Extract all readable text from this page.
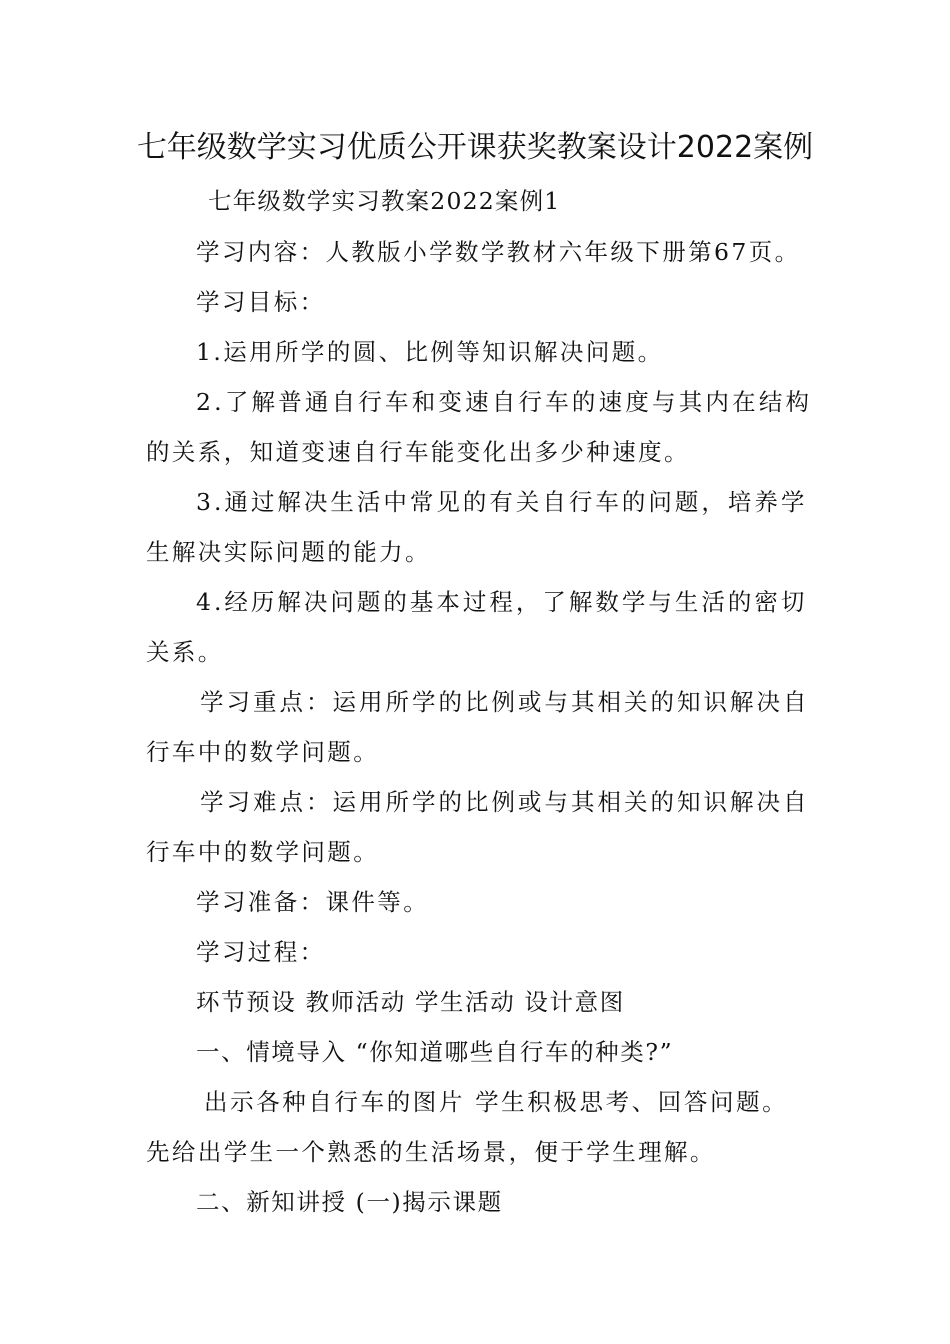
七年级数学实习优质公开课获奖教案设计2022案例
七年级数学实习教案2022案例1
学习内容：人教版小学数学教材六年级下册第67页。
学习目标：
1.运用所学的圆、比例等知识解决问题。
2.了解普通自行车和变速自行车的速度与其内在结构
的关系，知道变速自行车能变化出多少种速度。
3.通过解决生活中常见的有关自行车的问题，培养学
生解决实际问题的能力。
4.经历解决问题的基本过程，了解数学与生活的密切
关系。
学习重点：运用所学的比例或与其相关的知识解决自
行车中的数学问题。
学习难点：运用所学的比例或与其相关的知识解决自
行车中的数学问题。
学习准备：课件等。
学习过程：
环节预设 教师活动 学生活动 设计意图
一、情境导入 “你知道哪些自行车的种类?”
出示各种自行车的图片 学生积极思考、回答问题。
先给出学生一个熟悉的生活场景，便于学生理解。
二、新知讲授 (一)揭示课题
